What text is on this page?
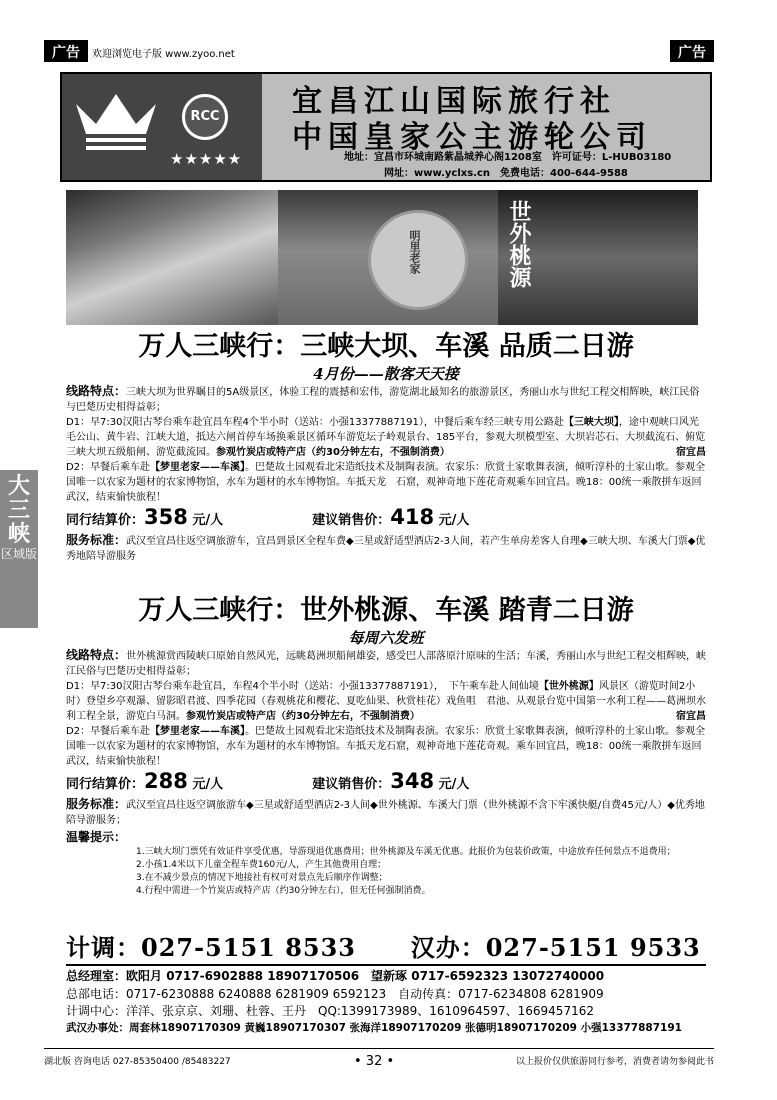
广告	欢迎浏览电子版 www.zyoo.net	广告
RCC
★★★★★
宜昌江山国际旅行社
中国皇家公主游轮公司
地址：宜昌市环城南路紫晶城养心阁1208室　许可证号：L-HUB03180
网址：www.yclxs.cn　免费电话：400-644-9588
明里老家	世外桃源
大三峡
区域版
万人三峡行：三峡大坝、车溪 品质二日游
4月份——散客天天接
线路特点：三峡大坝为世界瞩目的5A级景区，体验工程的震撼和宏伟，游览湖北最知名的旅游景区，秀丽山水与世纪工程交相辉映，峡江民俗与巴楚历史相得益彰；
D1：早7:30汉阳古琴台乘车赴宜昌车程4个半小时（送站：小强13377887191），中餐后乘车经三峡专用公路赴【三峡大坝】，途中观峡口风光毛公山、黄牛岩、江峡大道，抵达六闸首停车场换乘景区循环车游览坛子岭观景台、185平台，参观大坝模型室、大坝岩芯石、大坝截流石、俯览三峡大坝五级船闸、游览截流园。参观竹炭店或特产店（约30分钟左右，不强制消费）	宿宜昌
D2：早餐后乘车赴【梦里老家——车溪】。巴楚故土园观看北宋造纸技术及制陶表演。农家乐：欣赏土家歌舞表演，倾听淳朴的土家山歌。参观全国唯一以农家为题材的农家博物馆，水车为题材的水车博物馆。车抵天龙　石窟，观神奇地下莲花奇观乘车回宜昌。晚18：00统一乘散拼车返回武汉，结束愉快旅程！
同行结算价：358 元/人	建议销售价：418 元/人
服务标准：武汉至宜昌往返空调旅游车，宜昌到景区全程车费◆三星或舒适型酒店2-3人间，若产生单房差客人自理◆三峡大坝、车溪大门票◆优秀地陪导游服务
万人三峡行：世外桃源、车溪 踏青二日游
每周六发班
线路特点：世外桃源赏西陵峡口原始自然风光，远眺葛洲坝船闸雄姿，感受巴人部落原汁原味的生活；车溪，秀丽山水与世纪工程交相辉映，峡江民俗与巴楚历史相得益彰；
D1：早7:30汉阳古琴台乘车赴宜昌，车程4个半小时（送站：小强13377887191），　下午乘车赴人间仙境【世外桃源】风景区（游览时间2小时）登望乡亭观瀑、留影昭君渡、四季花园（春观桃花和樱花、夏吃仙果、秋赏桂花）戏鱼咀　君池、从观景台览中国第一水利工程——葛洲坝水利工程全景，游览白马洞。参观竹炭店或特产店（约30分钟左右，不强制消费）	宿宜昌
D2：早餐后乘车赴【梦里老家——车溪】。巴楚故土园观看北宋造纸技术及制陶表演。农家乐：欣赏土家歌舞表演，倾听淳朴的土家山歌。参观全国唯一以农家为题材的农家博物馆，水车为题材的水车博物馆。车抵天龙石窟，观神奇地下莲花奇观。乘车回宜昌，晚18：00统一乘散拼车返回武汉，结束愉快旅程！
同行结算价：288 元/人	建议销售价：348 元/人
服务标准：武汉至宜昌往返空调旅游车◆三星或舒适型酒店2-3人间◆世外桃源、车溪大门票（世外桃源不含下牢溪快艇/自费45元/人）◆优秀地陪导游服务；
温馨提示：
1.三峡大坝门票凭有效证件享受优惠，导游现退优惠费用；世外桃源及车溪无优惠。此报价为包装价政策，中途放弃任何景点不退费用；
2.小孩1.4米以下儿童全程车费160元/人，产生其他费用自理；
3.在不减少景点的情况下地接社有权可对景点先后顺序作调整；
4.行程中需进一个竹炭店或特产店（约30分钟左右），但无任何强制消费。
计调：027-5151 8533 汉办：027-5151 9533
总经理室：欧阳月 0717-6902888 18907170506　望新琢 0717-6592323 13072740000
总部电话：0717-6230888 6240888 6281909 6592123　自动传真：0717-6234808 6281909
计调中心：洋洋、张京京、刘珊、杜蓉、王丹　QQ:1399173989、1610964597、1669457162
武汉办事处：周套林18907170309 黄巍18907170307 张海洋18907170209 张德明18907170209 小强13377887191
湖北版 咨询电话 027-85350400 /85483227	• 32 •	以上报价仅供旅游同行参考，消费者请勿参阅此书
